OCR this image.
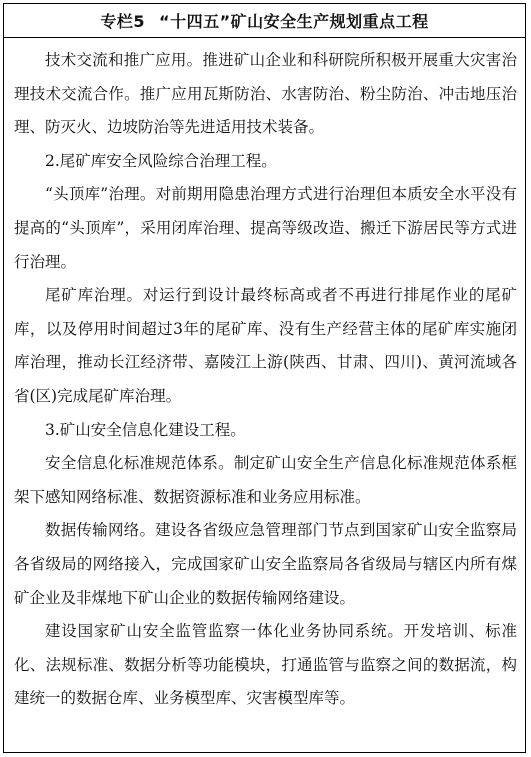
专栏5 “十四五”矿山安全生产规划重点工程

技术交流和推广应用。推进矿山企业和科研院所积极开展重大灾害治理技术交流合作。推广应用瓦斯防治、水害防治、粉尘防治、冲击地压治理、防灭火、边坡防治等先进适用技术装备。

2.尾矿库安全风险综合治理工程。

“头顶库”治理。对前期用隐患治理方式进行治理但本质安全水平没有提高的“头顶库”，采用闭库治理、提高等级改造、搬迁下游居民等方式进行治理。

尾矿库治理。对运行到设计最终标高或者不再进行排尾作业的尾矿库，以及停用时间超过3年的尾矿库、没有生产经营主体的尾矿库实施闭库治理，推动长江经济带、嘉陵江上游(陕西、甘肃、四川)、黄河流域各省(区)完成尾矿库治理。

3.矿山安全信息化建设工程。

安全信息化标准规范体系。制定矿山安全生产信息化标准规范体系框架下感知网络标准、数据资源标准和业务应用标准。

数据传输网络。建设各省级应急管理部门节点到国家矿山安全监察局各省级局的网络接入，完成国家矿山安全监察局各省级局与辖区内所有煤矿企业及非煤地下矿山企业的数据传输网络建设。

建设国家矿山安全监管监察一体化业务协同系统。开发培训、标准化、法规标准、数据分析等功能模块，打通监管与监察之间的数据流，构建统一的数据仓库、业务模型库、灾害模型库等。
